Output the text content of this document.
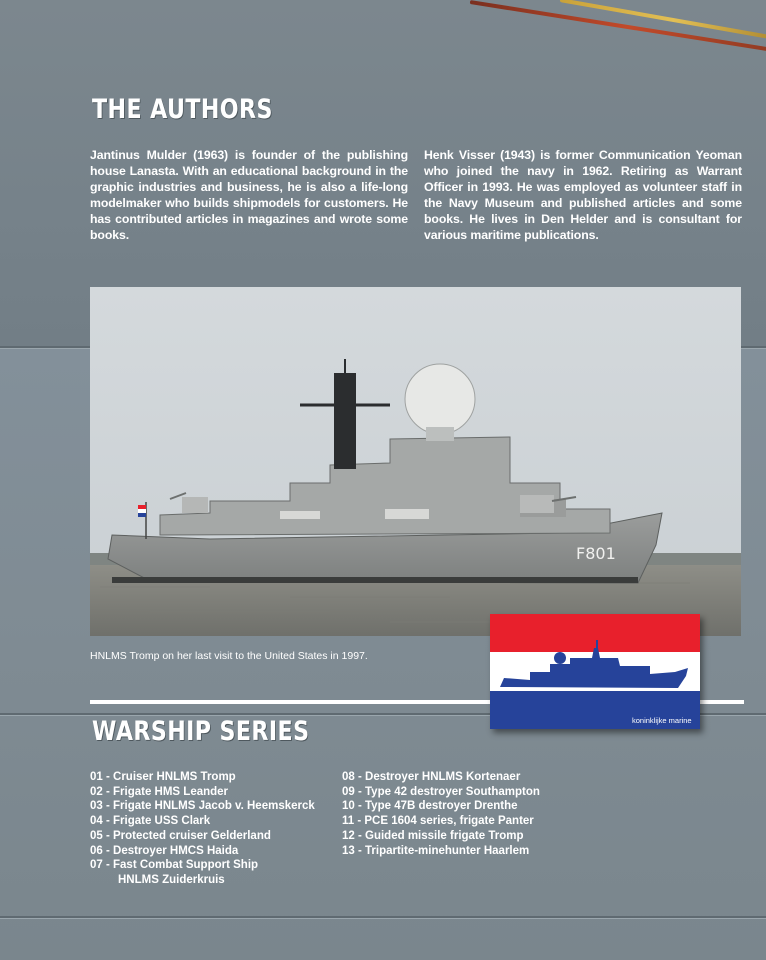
THE AUTHORS
Jantinus Mulder (1963) is founder of the publishing house Lanasta. With an educational background in the graphic industries and business, he is also a life-long modelmaker who builds shipmodels for customers. He has contributed articles in magazines and wrote some books.
Henk Visser (1943) is former Communication Yeoman who joined the navy in 1962. Retiring as Warrant Officer in 1993. He was employed as volunteer staff in the Navy Museum and published articles and some books. He lives in Den Helder and is consultant for various maritime publications.
F801
HNLMS Tromp on her last visit to the United States in 1997.
koninklijke marine
WARSHIP SERIES
01 - Cruiser HNLMS Tromp
02 - Frigate HMS Leander
03 - Frigate HNLMS Jacob v. Heemskerck
04 - Frigate USS Clark
05 - Protected cruiser Gelderland
06 - Destroyer HMCS Haida
07 - Fast Combat Support Ship
HNLMS Zuiderkruis
08 - Destroyer HNLMS Kortenaer
09 - Type 42 destroyer Southampton
10 - Type 47B destroyer Drenthe
11 - PCE 1604 series, frigate Panter
12 - Guided missile frigate Tromp
13 - Tripartite-minehunter Haarlem
